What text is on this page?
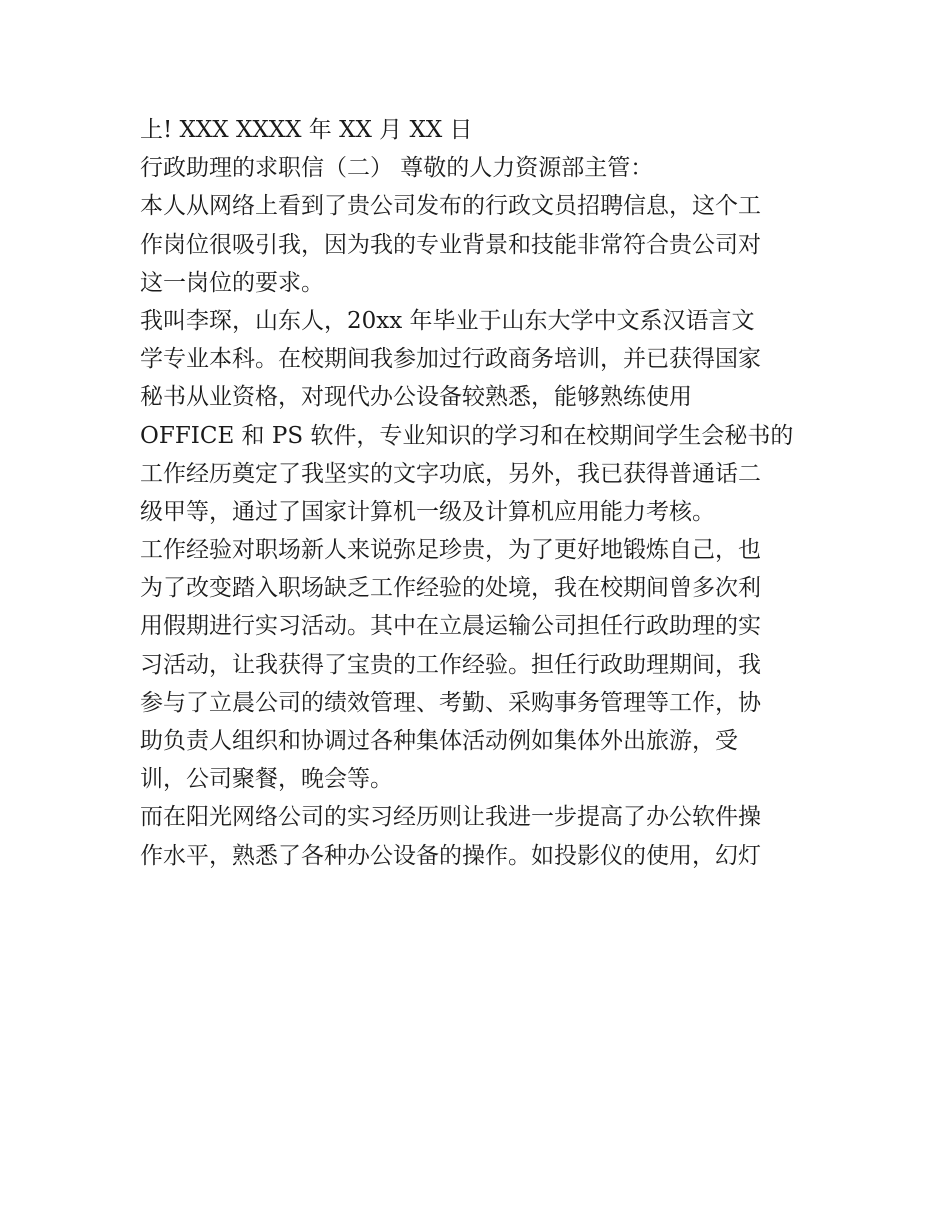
上! XXX XXXX 年 XX 月 XX 日
行政助理的求职信（二） 尊敬的人力资源部主管：
本人从网络上看到了贵公司发布的行政文员招聘信息，这个工
作岗位很吸引我，因为我的专业背景和技能非常符合贵公司对
这一岗位的要求。
我叫李琛，山东人，20xx 年毕业于山东大学中文系汉语言文
学专业本科。在校期间我参加过行政商务培训，并已获得国家
秘书从业资格，对现代办公设备较熟悉，能够熟练使用
OFFICE 和 PS 软件，专业知识的学习和在校期间学生会秘书的
工作经历奠定了我坚实的文字功底，另外，我已获得普通话二
级甲等，通过了国家计算机一级及计算机应用能力考核。
工作经验对职场新人来说弥足珍贵，为了更好地锻炼自己，也
为了改变踏入职场缺乏工作经验的处境，我在校期间曾多次利
用假期进行实习活动。其中在立晨运输公司担任行政助理的实
习活动，让我获得了宝贵的工作经验。担任行政助理期间，我
参与了立晨公司的绩效管理、考勤、采购事务管理等工作，协
助负责人组织和协调过各种集体活动例如集体外出旅游，受
训，公司聚餐，晚会等。
而在阳光网络公司的实习经历则让我进一步提高了办公软件操
作水平，熟悉了各种办公设备的操作。如投影仪的使用，幻灯
